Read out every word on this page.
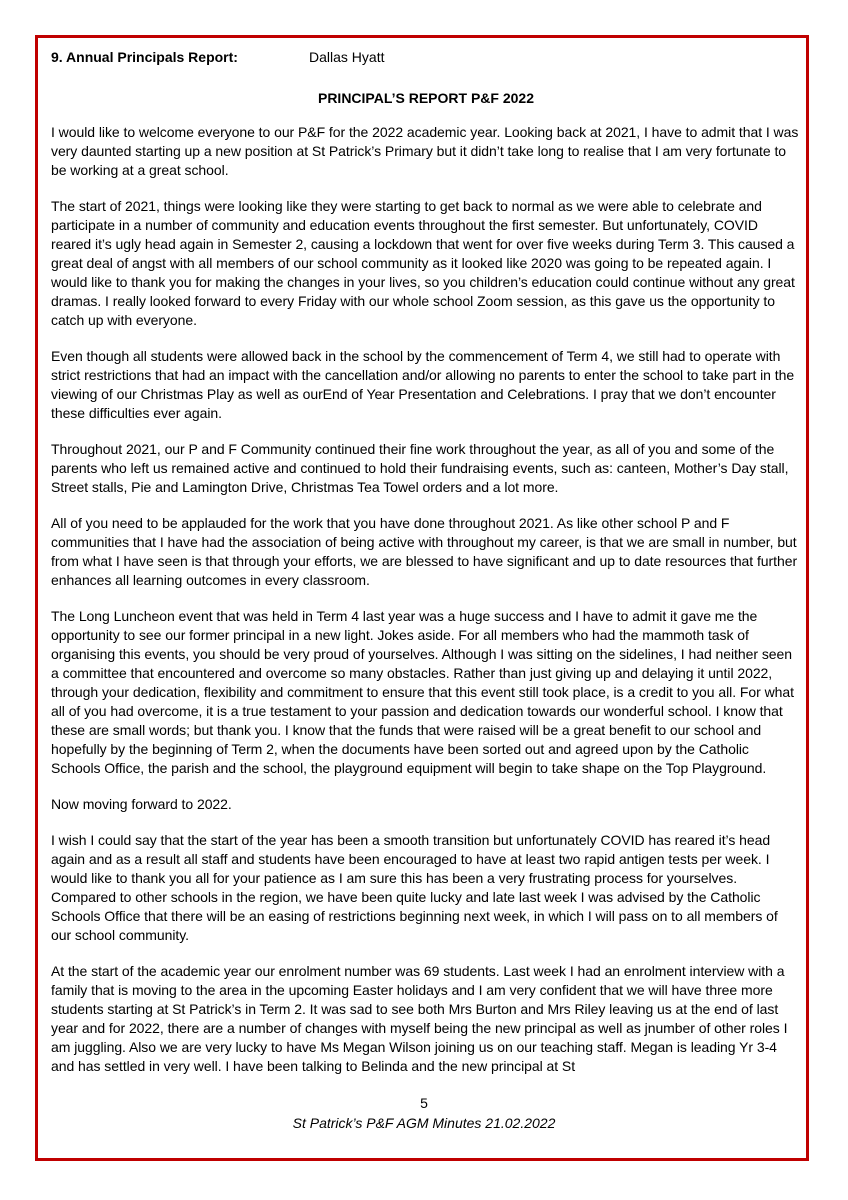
9. Annual Principals Report:	Dallas Hyatt
PRINCIPAL’S REPORT P&F 2022

I would like to welcome everyone to our P&F for the 2022 academic year. Looking back at 2021, I have to admit that I was very daunted starting up a new position at St Patrick’s Primary but it didn’t take long to realise that I am very fortunate to be working at a great school.

The start of 2021, things were looking like they were starting to get back to normal as we were able to celebrate and participate in a number of community and education events throughout the first semester. But unfortunately, COVID reared it’s ugly head again in Semester 2, causing a lockdown that went for over five weeks during Term 3. This caused a great deal of angst with all members of our school community as it looked like 2020 was going to be repeated again. I would like to thank you for making the changes in your lives, so you children’s education could continue without any great dramas. I really looked forward to every Friday with our whole school Zoom session, as this gave us the opportunity to catch up with everyone.

Even though all students were allowed back in the school by the commencement of Term 4, we still had to operate with strict restrictions that had an impact with the cancellation and/or allowing no parents to enter the school to take part in the viewing of our Christmas Play as well as ourEnd of Year Presentation and Celebrations. I pray that we don’t encounter these difficulties ever again.

Throughout 2021, our P and F Community continued their fine work throughout the year, as all of you and some of the parents who left us remained active and continued to hold their fundraising events, such as: canteen, Mother’s Day stall, Street stalls, Pie and Lamington Drive, Christmas Tea Towel orders and a lot more.

All of you need to be applauded for the work that you have done throughout 2021. As like other school P and F communities that I have had the association of being active with throughout my career, is that we are small in number, but from what I have seen is that through your efforts, we are blessed to have significant and up to date resources that further enhances all learning outcomes in every classroom.

The Long Luncheon event that was held in Term 4 last year was a huge success and I have to admit it gave me the opportunity to see our former principal in a new light. Jokes aside. For all members who had the mammoth task of organising this events, you should be very proud of yourselves. Although I was sitting on the sidelines, I had neither seen a committee that encountered and overcome so many obstacles. Rather than just giving up and delaying it until 2022, through your dedication, flexibility and commitment to ensure that this event still took place, is a credit to you all. For what all of you had overcome, it is a true testament to your passion and dedication towards our wonderful school. I know that these are small words; but thank you. I know that the funds that were raised will be a great benefit to our school and hopefully by the beginning of Term 2, when the documents have been sorted out and agreed upon by the Catholic Schools Office, the parish and the school, the playground equipment will begin to take shape on the Top Playground.

Now moving forward to 2022.

I wish I could say that the start of the year has been a smooth transition but unfortunately COVID has reared it’s head again and as a result all staff and students have been encouraged to have at least two rapid antigen tests per week. I would like to thank you all for your patience as I am sure this has been a very frustrating process for yourselves. Compared to other schools in the region, we have been quite lucky and late last week I was advised by the Catholic Schools Office that there will be an easing of restrictions beginning next week, in which I will pass on to all members of our school community.

At the start of the academic year our enrolment number was 69 students. Last week I had an enrolment interview with a family that is moving to the area in the upcoming Easter holidays and I am very confident that we will have three more students starting at St Patrick’s in Term 2. It was sad to see both Mrs Burton and Mrs Riley leaving us at the end of last year and for 2022, there are a number of changes with myself being the new principal as well as jnumber of other roles I am juggling. Also we are very lucky to have Ms Megan Wilson joining us on our teaching staff. Megan is leading Yr 3-4 and has settled in very well. I have been talking to Belinda and the new principal at St

5
St Patrick’s P&F AGM Minutes 21.02.2022
